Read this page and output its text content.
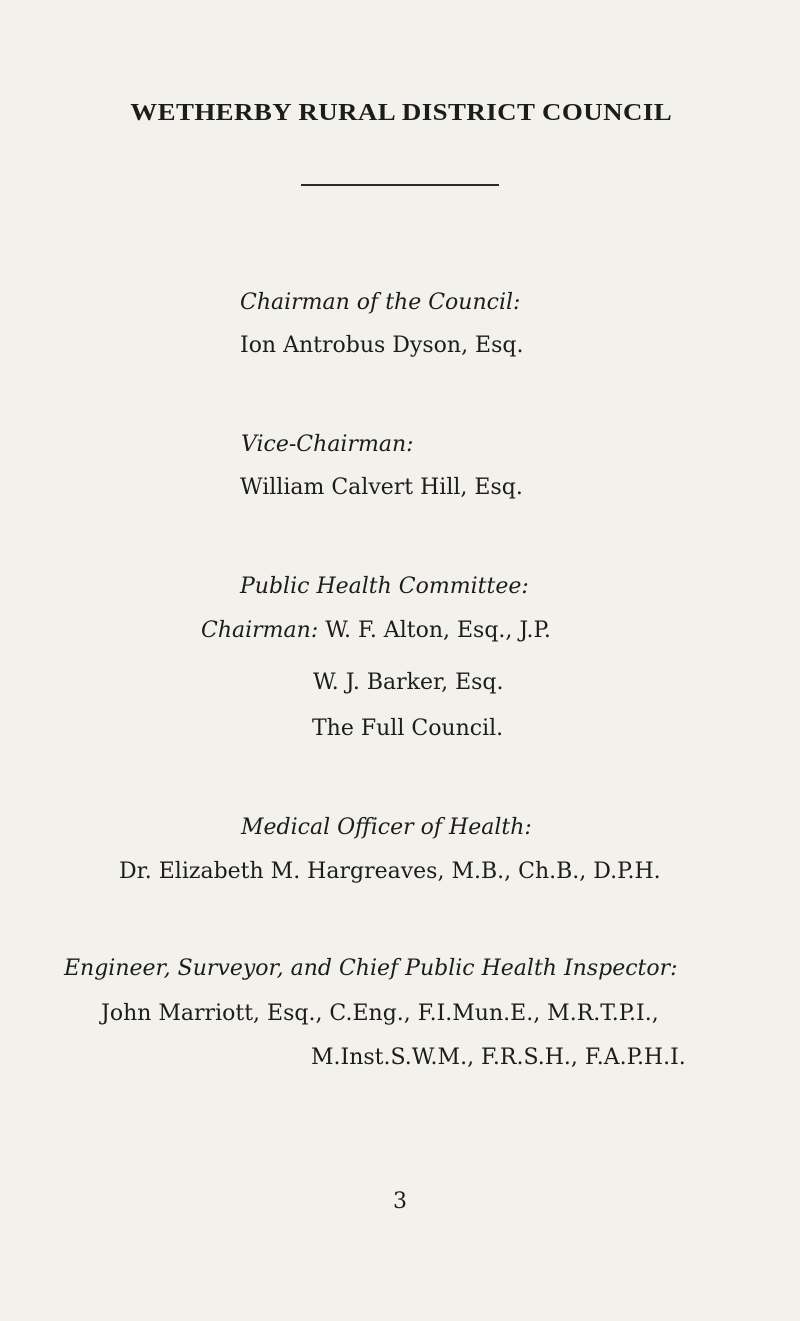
WETHERBY RURAL DISTRICT COUNCIL
Chairman of the Council:
Ion Antrobus Dyson, Esq.
Vice-Chairman:
William Calvert Hill, Esq.
Public Health Committee:
Chairman: W. F. Alton, Esq., J.P.
W. J. Barker, Esq.
The Full Council.
Medical Officer of Health:
Dr. Elizabeth M. Hargreaves, M.B., Ch.B., D.P.H.
Engineer, Surveyor, and Chief Public Health Inspector:
John Marriott, Esq., C.Eng., F.I.Mun.E., M.R.T.P.I.,
M.Inst.S.W.M., F.R.S.H., F.A.P.H.I.
3
